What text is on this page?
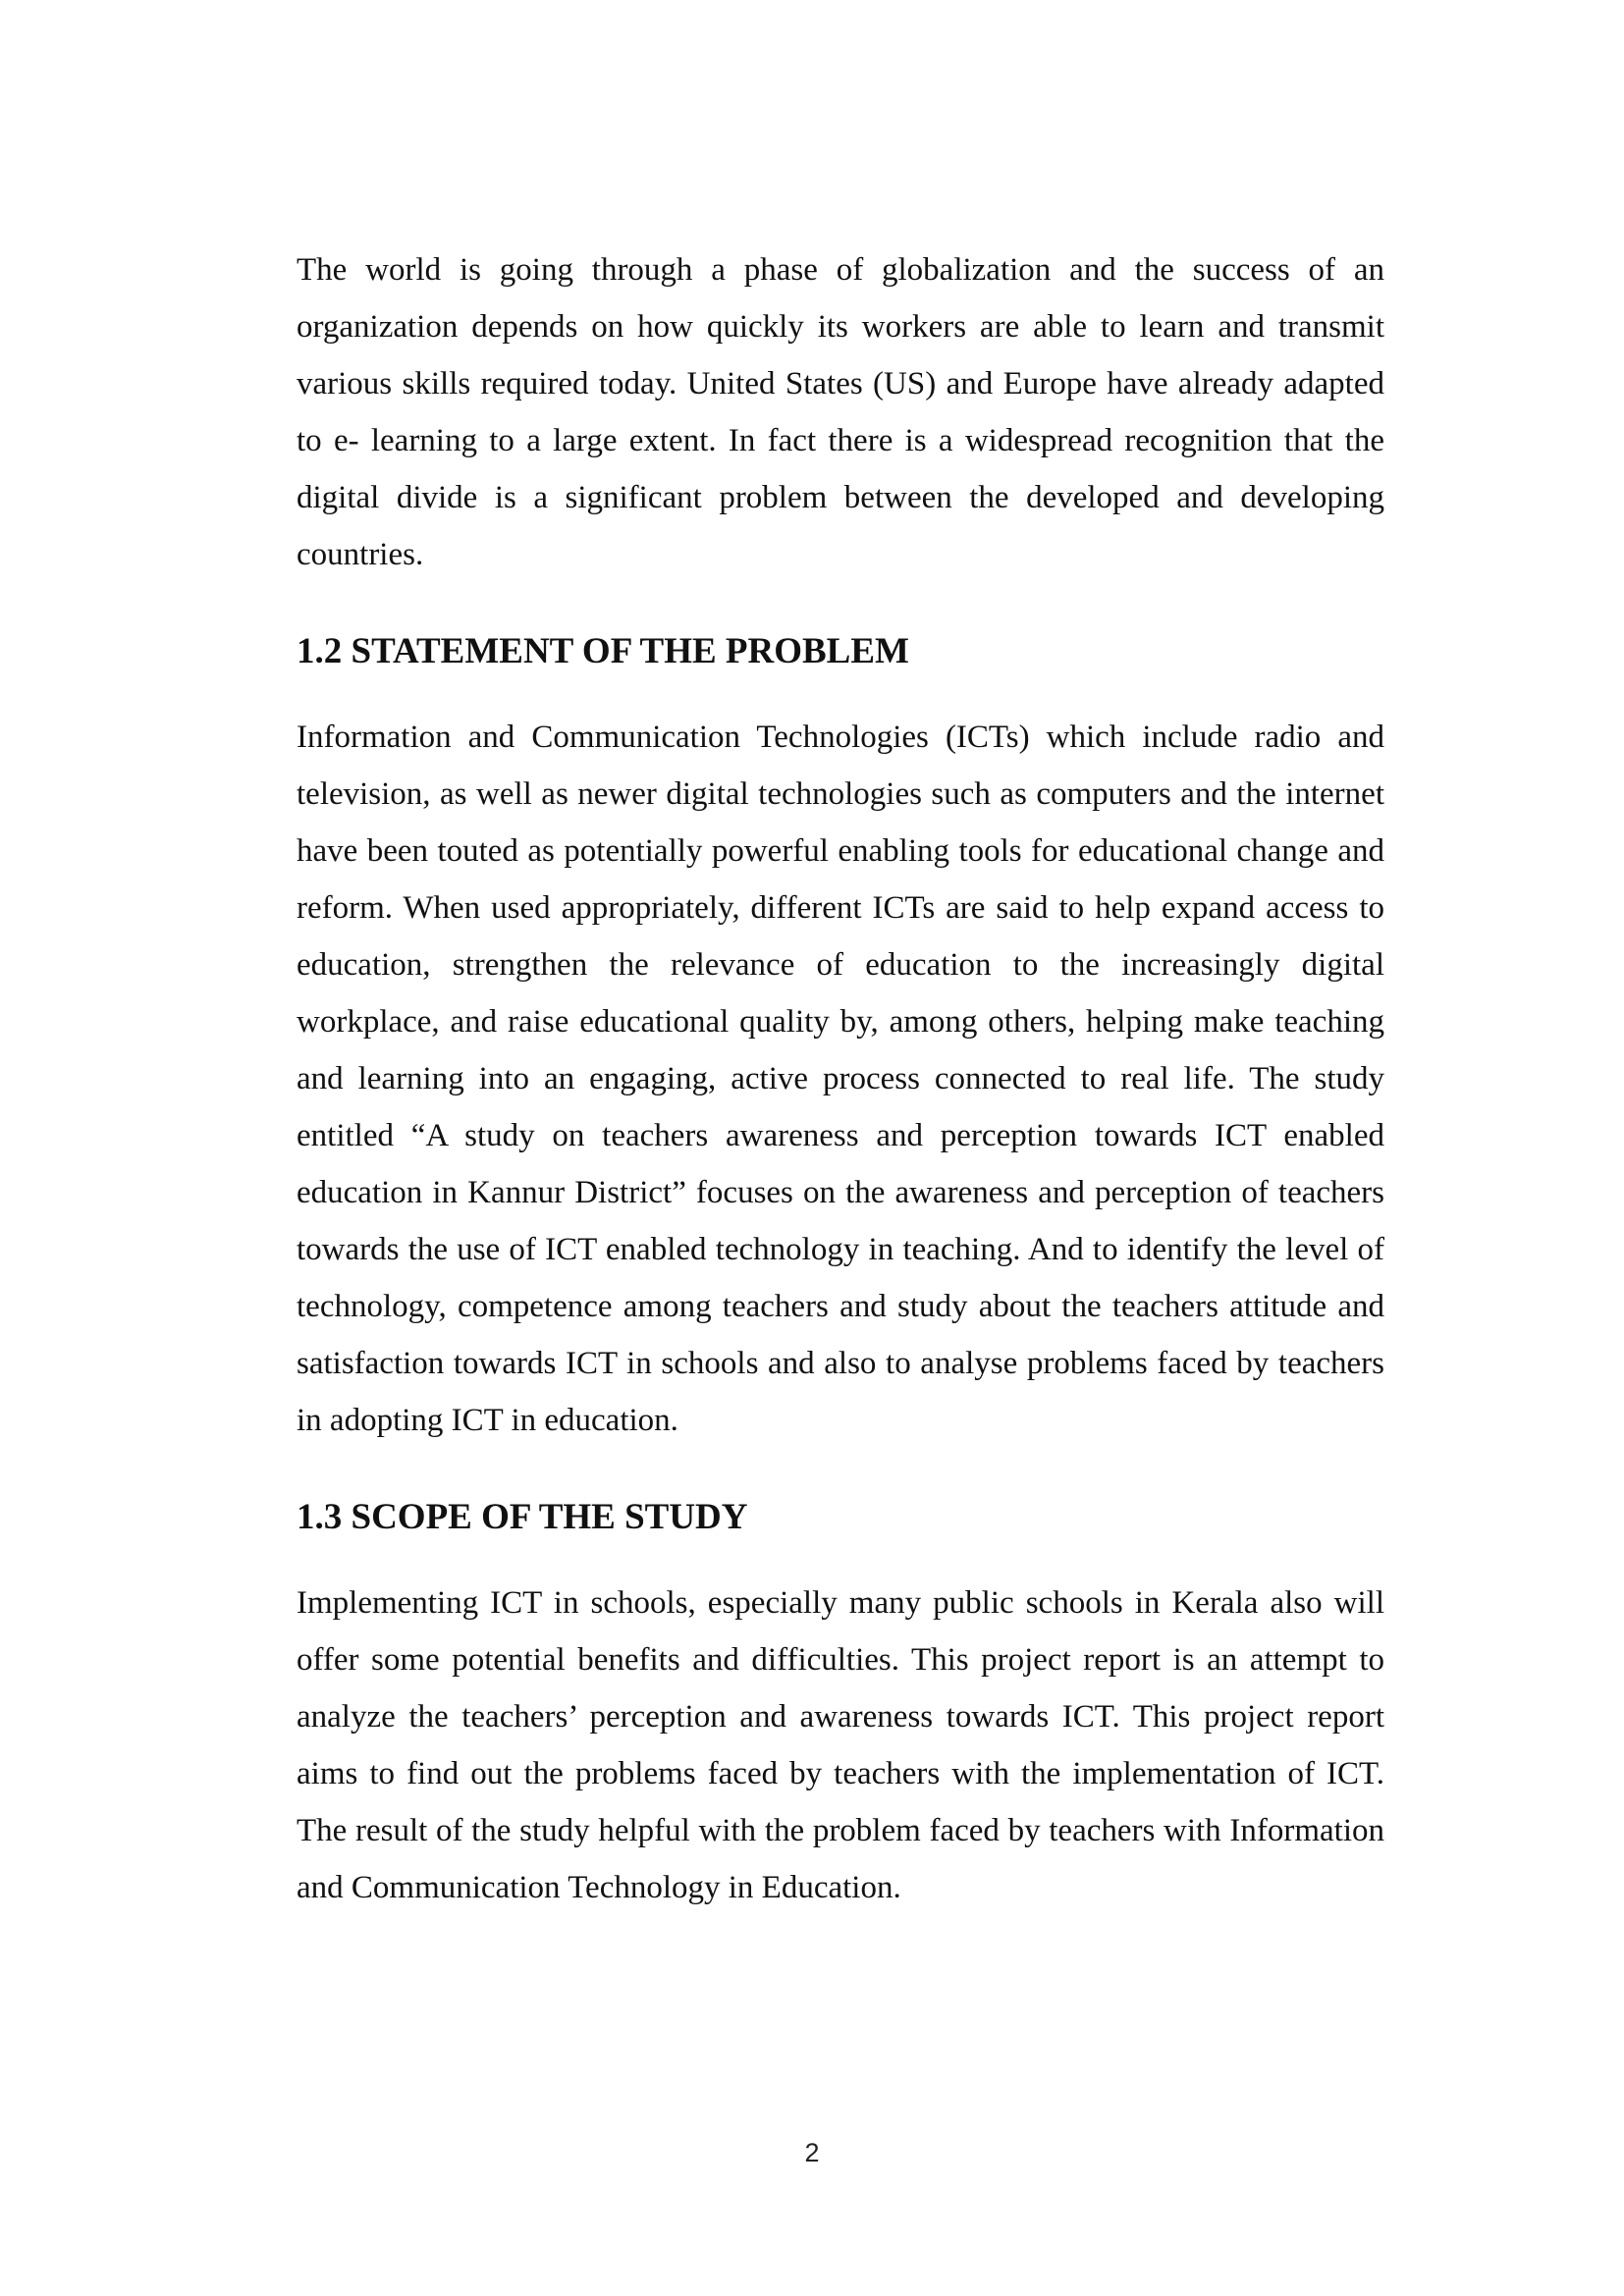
The world is going through a phase of globalization and the success of an organization depends on how quickly its workers are able to learn and transmit various skills required today. United States (US) and Europe have already adapted to e- learning to a large extent. In fact there is a widespread recognition that the digital divide is a significant problem between the developed and developing countries.

1.2 STATEMENT OF THE PROBLEM

Information and Communication Technologies (ICTs) which include radio and television, as well as newer digital technologies such as computers and the internet have been touted as potentially powerful enabling tools for educational change and reform. When used appropriately, different ICTs are said to help expand access to education, strengthen the relevance of education to the increasingly digital workplace, and raise educational quality by, among others, helping make teaching and learning into an engaging, active process connected to real life. The study entitled “A study on teachers awareness and perception towards ICT enabled education in Kannur District” focuses on the awareness and perception of teachers towards the use of ICT enabled technology in teaching. And to identify the level of technology, competence among teachers and study about the teachers attitude and satisfaction towards ICT in schools and also to analyse problems faced by teachers in adopting ICT in education.

1.3 SCOPE OF THE STUDY

Implementing ICT in schools, especially many public schools in Kerala also will offer some potential benefits and difficulties. This project report is an attempt to analyze the teachers’ perception and awareness towards ICT. This project report aims to find out the problems faced by teachers with the implementation of ICT. The result of the study helpful with the problem faced by teachers with Information and Communication Technology in Education.

2
